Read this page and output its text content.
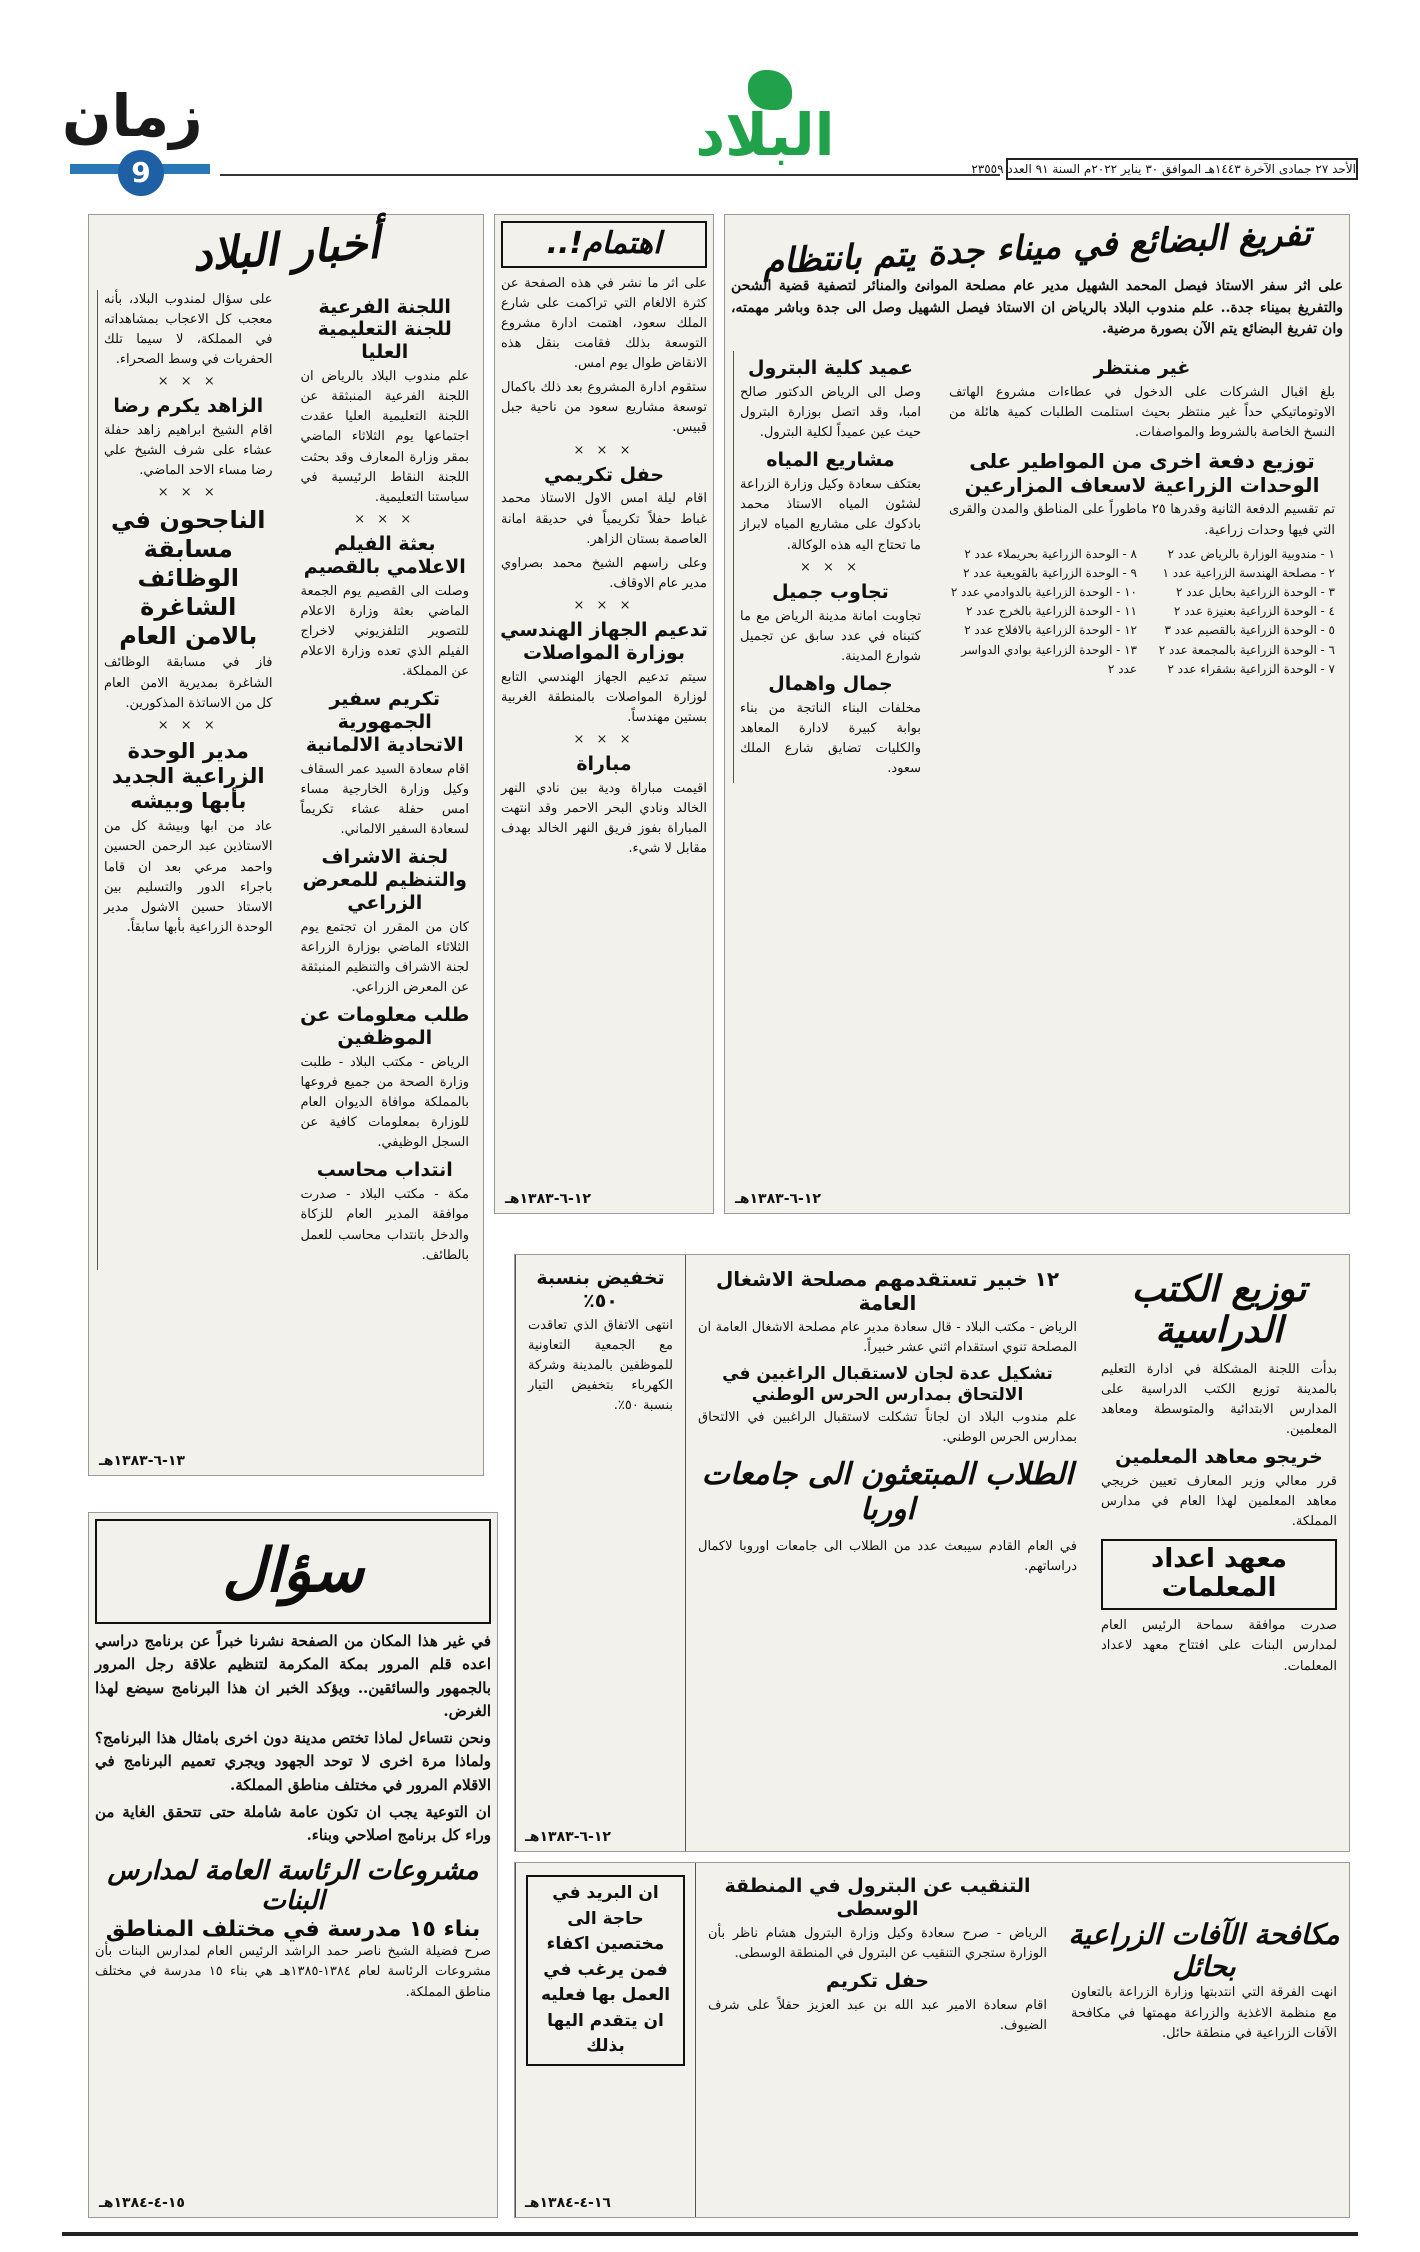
زمان
9
البلاد	الأحد ٢٧ جمادى الآخرة ١٤٤٣هـ الموافق ٣٠ يناير ٢٠٢٢م السنة ٩١ العدد ٢٣٥٥٩
أخبار البلاد
اللجنة الفرعية للجنة التعليمية العليا

علم مندوب البلاد بالرياض ان اللجنة الفرعية المنبثقة عن اللجنة التعليمية العليا عقدت اجتماعها يوم الثلاثاء الماضي بمقر وزارة المعارف وقد بحثت اللجنة النقاط الرئيسية في سياستنا التعليمية.

× × ×
بعثة الفيلم الاعلامي بالقصيم

وصلت الى القصيم يوم الجمعة الماضي بعثة وزارة الاعلام للتصوير التلفزيوني لاخراج الفيلم الذي تعده وزارة الاعلام عن المملكة.

تكريم سفير الجمهورية الاتحادية الالمانية

اقام سعادة السيد عمر السقاف وكيل وزارة الخارجية مساء امس حفلة عشاء تكريماً لسعادة السفير الالماني.

لجنة الاشراف والتنظيم للمعرض الزراعي

كان من المقرر ان تجتمع يوم الثلاثاء الماضي بوزارة الزراعة لجنة الاشراف والتنظيم المنبثقة عن المعرض الزراعي.

طلب معلومات عن الموظفين

الرياض - مكتب البلاد - طلبت وزارة الصحة من جميع فروعها بالمملكة موافاة الديوان العام للوزارة بمعلومات كافية عن السجل الوظيفي.

انتداب محاسب

مكة - مكتب البلاد - صدرت موافقة المدير العام للزكاة والدخل بانتداب محاسب للعمل بالطائف.

على سؤال لمندوب البلاد، بأنه معجب كل الاعجاب بمشاهداته في المملكة، لا سيما تلك الحفريات في وسط الصحراء.

× × ×
الزاهد يكرم رضا

اقام الشيخ ابراهيم زاهد حفلة عشاء على شرف الشيخ علي رضا مساء الاحد الماضي.

× × ×
الناجحون في مسابقة الوظائف الشاغرة بالامن العام

فاز في مسابقة الوظائف الشاغرة بمديرية الامن العام كل من الاساتذة المذكورين.

× × ×
مدير الوحدة الزراعية الجديد بأبها وبيشه

عاد من ابها وبيشة كل من الاستاذين عبد الرحمن الحسين واحمد مرعي بعد ان قاما باجراء الدور والتسليم بين الاستاذ حسين الاشول مدير الوحدة الزراعية بأبها سابقاً.

١٣-٦-١٣٨٣هـ
اهتمام!..

على اثر ما نشر في هذه الصفحة عن كثرة الالغام التي تراكمت على شارع الملك سعود، اهتمت ادارة مشروع التوسعة بذلك فقامت بنقل هذه الانقاض طوال يوم امس.

ستقوم ادارة المشروع بعد ذلك باكمال توسعة مشاريع سعود من ناحية جبل قبيس.

× × ×
حفل تكريمي

اقام ليلة امس الاول الاستاذ محمد غباط حفلاً تكريمياً في حديقة امانة العاصمة بستان الزاهر.

وعلى راسهم الشيخ محمد بصراوي مدير عام الاوقاف.

× × ×
تدعيم الجهاز الهندسي بوزارة المواصلات

سيتم تدعيم الجهاز الهندسي التابع لوزارة المواصلات بالمنطقة الغربية بستين مهندساً.

× × ×
مباراة

اقيمت مباراة ودية بين نادي النهر الخالد ونادي البحر الاحمر وقد انتهت المباراة بفوز فريق النهر الخالد بهدف مقابل لا شيء.

١٢-٦-١٣٨٣هـ
تفريغ البضائع في ميناء جدة يتم بانتظام

على اثر سفر الاستاذ فيصل المحمد الشهيل مدير عام مصلحة الموانئ والمنائر لتصفية قضية الشحن والتفريغ بميناء جدة.. علم مندوب البلاد بالرياض ان الاستاذ فيصل الشهيل وصل الى جدة وباشر مهمته، وان تفريغ البضائع يتم الآن بصورة مرضية.

غير منتظر

بلغ اقبال الشركات على الدخول في عطاءات مشروع الهاتف الاوتوماتيكي حداً غير منتظر بحيث استلمت الطلبات كمية هائلة من النسخ الخاصة بالشروط والمواصفات.

توزيع دفعة اخرى من المواطير على الوحدات الزراعية لاسعاف المزارعين

تم تقسيم الدفعة الثانية وقدرها ٢٥ ماطوراً على المناطق والمدن والقرى التي فيها وحدات زراعية.

١ - مندوبية الوزارة بالرياض عدد ٢
٢ - مصلحة الهندسة الزراعية عدد ١
٣ - الوحدة الزراعية بحايل عدد ٢
٤ - الوحدة الزراعية بعنيزة عدد ٢
٥ - الوحدة الزراعية بالقصيم عدد ٣
٦ - الوحدة الزراعية بالمجمعة عدد ٢
٧ - الوحدة الزراعية بشقراء عدد ٢
٨ - الوحدة الزراعية بحريملاء عدد ٢
٩ - الوحدة الزراعية بالقويعية عدد ٢
١٠ - الوحدة الزراعية بالدوادمي عدد ٢
١١ - الوحدة الزراعية بالخرج عدد ٢
١٢ - الوحدة الزراعية بالافلاج عدد ٢
١٣ - الوحدة الزراعية بوادي الدواسر عدد ٢
عميد كلية البترول

وصل الى الرياض الدكتور صالح امبا، وقد اتصل بوزارة البترول حيث عين عميداً لكلية البترول.

مشاريع المياه

بعتكف سعادة وكيل وزارة الزراعة لشئون المياه الاستاذ محمد بادكوك على مشاريع المياه لابراز ما تحتاج اليه هذه الوكالة.

× × ×
تجاوب جميل

تجاوبت امانة مدينة الرياض مع ما كتبناه في عدد سابق عن تجميل شوارع المدينة.

جمال واهمال

مخلفات البناء الناتجة من بناء بوابة كبيرة لادارة المعاهد والكليات تضايق شارع الملك سعود.

١٢-٦-١٣٨٣هـ
توزيع الكتب الدراسية

بدأت اللجنة المشكلة في ادارة التعليم بالمدينة توزيع الكتب الدراسية على المدارس الابتدائية والمتوسطة ومعاهد المعلمين.

خريجو معاهد المعلمين

قرر معالي وزير المعارف تعيين خريجي معاهد المعلمين لهذا العام في مدارس المملكة.

معهد اعداد المعلمات

صدرت موافقة سماحة الرئيس العام لمدارس البنات على افتتاح معهد لاعداد المعلمات.

١٢ خبير تستقدمهم مصلحة الاشغال العامة

الرياض - مكتب البلاد - قال سعادة مدير عام مصلحة الاشغال العامة ان المصلحة تنوي استقدام اثني عشر خبيراً.

تشكيل عدة لجان لاستقبال الراغبين في الالتحاق بمدارس الحرس الوطني

علم مندوب البلاد ان لجاناً تشكلت لاستقبال الراغبين في الالتحاق بمدارس الحرس الوطني.

الطلاب المبتعثون الى جامعات اوربا

في العام القادم سيبعث عدد من الطلاب الى جامعات اوروبا لاكمال دراساتهم.

تخفيض بنسبة ٥٠٪

انتهى الاتفاق الذي تعاقدت مع الجمعية التعاونية للموظفين بالمدينة وشركة الكهرباء بتخفيض التيار بنسبة ٥٠٪.

١٢-٦-١٣٨٣هـ
سؤال

في غير هذا المكان من الصفحة نشرنا خبراً عن برنامج دراسي اعده قلم المرور بمكة المكرمة لتنظيم علاقة رجل المرور بالجمهور والسائقين.. ويؤكد الخبر ان هذا البرنامج سيضع لهذا الغرض.

ونحن نتساءل لماذا تختص مدينة دون اخرى بامثال هذا البرنامج؟ ولماذا مرة اخرى لا توحد الجهود ويجري تعميم البرنامج في الاقلام المرور في مختلف مناطق المملكة.

ان التوعية يجب ان تكون عامة شاملة حتى تتحقق الغاية من وراء كل برنامج اصلاحي وبناء.

مشروعات الرئاسة العامة لمدارس البنات
بناء ١٥ مدرسة في مختلف المناطق

صرح فضيلة الشيخ ناصر حمد الراشد الرئيس العام لمدارس البنات بأن مشروعات الرئاسة لعام ١٣٨٤-١٣٨٥هـ هي بناء ١٥ مدرسة في مختلف مناطق المملكة.

١٥-٤-١٣٨٤هـ
مكافحة الآفات الزراعية بحائل

انهت الفرقة التي انتدبتها وزارة الزراعة بالتعاون مع منظمة الاغذية والزراعة مهمتها في مكافحة الآفات الزراعية في منطقة حائل.

التنقيب عن البترول في المنطقة الوسطى

الرياض - صرح سعادة وكيل وزارة البترول هشام ناظر بأن الوزارة ستجري التنقيب عن البترول في المنطقة الوسطى.

حفل تكريم

اقام سعادة الامير عبد الله بن عبد العزيز حفلاً على شرف الضيوف.

ان البريد في حاجة الى مختصين اكفاء فمن يرغب في العمل بها فعليه ان يتقدم اليها بذلك
١٦-٤-١٣٨٤هـ
